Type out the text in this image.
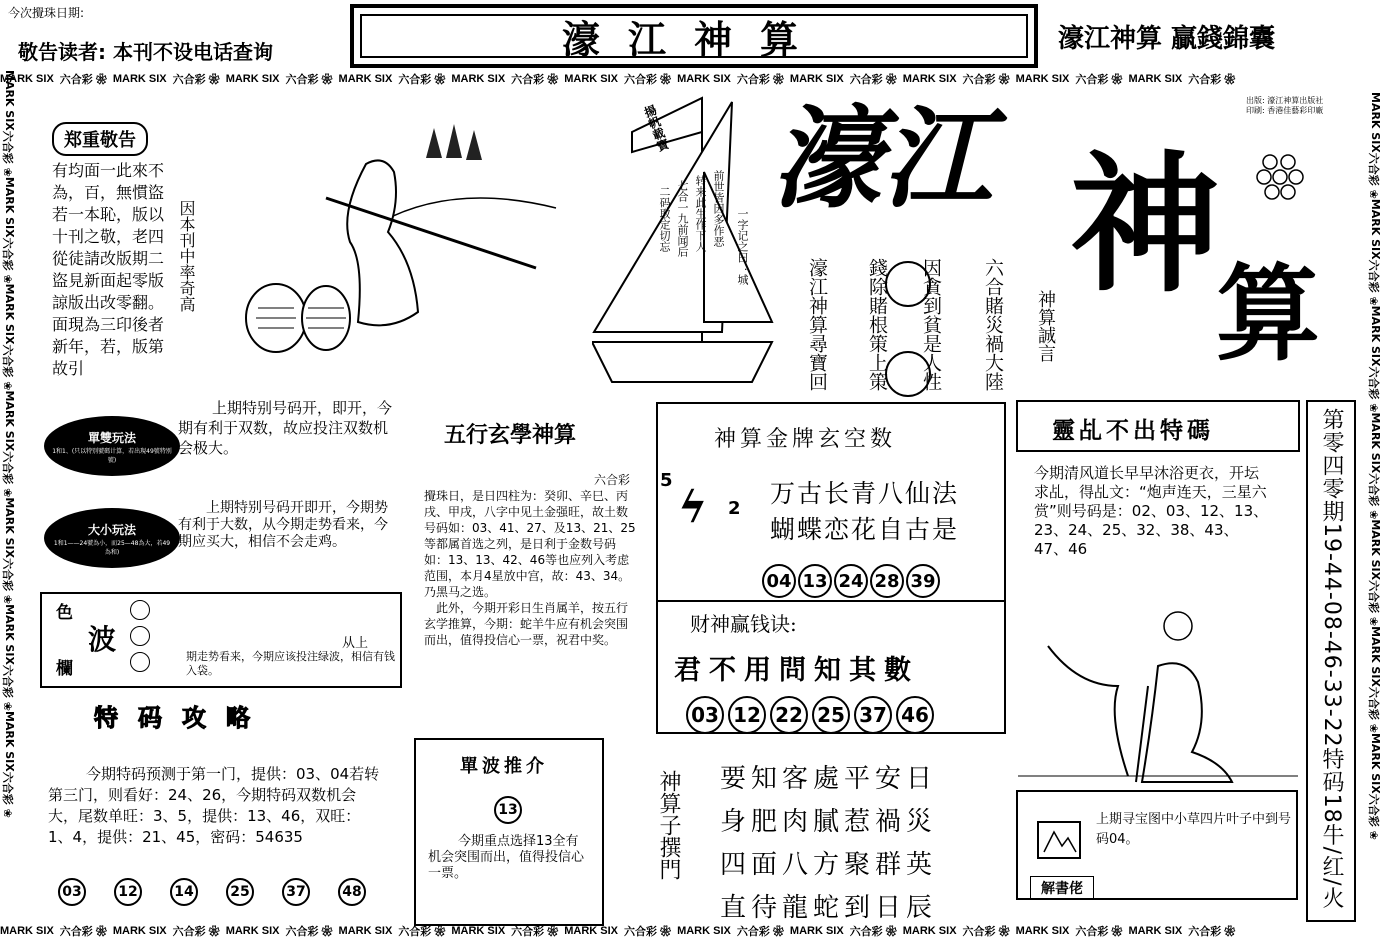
MARK SIX 六合彩 ❀ MARK SIX 六合彩 ❀ MARK SIX 六合彩 ❀ MARK SIX 六合彩 ❀ MARK SIX 六合彩 ❀ MARK SIX 六合彩 ❀ MARK SIX 六合彩 ❀ MARK SIX 六合彩 ❀ MARK SIX 六合彩 ❀ MARK SIX 六合彩 ❀ MARK SIX 六合彩 ❀
MARK SIX 六合彩 ❀ MARK SIX 六合彩 ❀ MARK SIX 六合彩 ❀ MARK SIX 六合彩 ❀ MARK SIX 六合彩 ❀ MARK SIX 六合彩 ❀ MARK SIX 六合彩 ❀ MARK SIX 六合彩 ❀ MARK SIX 六合彩 ❀ MARK SIX 六合彩 ❀ MARK SIX 六合彩 ❀
MARK SIX
六合彩 ❀
MARK SIX
六合彩 ❀
MARK SIX
六合彩 ❀
MARK SIX
六合彩 ❀
MARK SIX
六合彩 ❀
MARK SIX
六合彩 ❀
MARK SIX
六合彩 ❀
MARK SIX
六合彩 ❀
MARK SIX
六合彩 ❀
MARK SIX
六合彩 ❀
MARK SIX
六合彩 ❀
MARK SIX
六合彩 ❀
MARK SIX
六合彩 ❀
MARK SIX
六合彩 ❀
今次攪珠日期:
敬告读者: 本刊不设电话查询	濠江神算	濠江神算 贏錢錦囊
出版: 濠江神算出版社
印刷: 香港佳藝彩印廠
濠江 神
算
郑重敬告
有均面一此來不為，百，無慣盜若一本恥，版以十刊之敬，老四從徒請改版期二盜見新面起零版諒版出改零翻。面現為三印後者新年，若，版第故引
因本刊中率奇高
揚帆載寶
一字记之曰：城
前世皆因多作恶
转来此生作下人
七合一九前闻后
二码取定切忘
濠江神算尋寶回 錢除賭根策上策 因貪到貧是人性 六合賭災禍大陸 神算誠言
單雙玩法
1和1、(只以特别號碼计算，若出現49號特別號)
上期特别号码开，即开，今期有利于双数，故应投注双数机会极大。
大小玩法
1和1——24號為小，而25—48為大，若49為和)
上期特别号码开即开，今期势有利于大数，从今期走势看来，今期应买大，相信不会走鸡。
色
波
欄
从上
期走势看来，今期应该投注绿波，相信有钱入袋。
特码攻略
今期特码预测于第一门，提供：03、04若转第三门，则看好：24、26，今期特码双数机会大，尾数单旺：3、5，提供：13、46，双旺：1、4，提供：21、45，密码：54635
03	12	14	25	37	48
五行玄學神算
六合彩攪珠日，是日四柱为：癸卯、辛巳、丙戌、甲戌，八字中见土金强旺，故土数号码如：03、41、27、及13、21、25等都属首选之列，是日利于金数号码如：13、13、42、46等也应列入考虑范围，本月4星放中宫，故：43、34。乃黑马之选。
　此外，今期开彩日生肖属羊，按五行玄学推算，今期：蛇羊牛应有机会突围而出，值得投信心一票，祝君中奖。
單波推介
13
今期重点选择13全有机会突围而出，值得投信心一票。
神算金牌玄空数
5
2
ϟ	万古长青八仙法
蝴蝶恋花自古是
04 13 24 28 39
财神赢钱诀:
君不用問知其數
03 12 22 25 37 46
神算子撰門 要知客處平安日
身肥肉膩惹禍災
四面八方聚群英
直待龍蛇到日辰
靈乩不出特碼
今期清风道长早早沐浴更衣，开坛求乩，得乩文：“炮声连天，三星六赏”则号码是：02、03、12、13、23、24、25、32、38、43、47、46	第零四零期19-44-08-46-33-22特码18牛/红/火
上期寻宝图中小草四片叶子中到号码04。
解書佬
